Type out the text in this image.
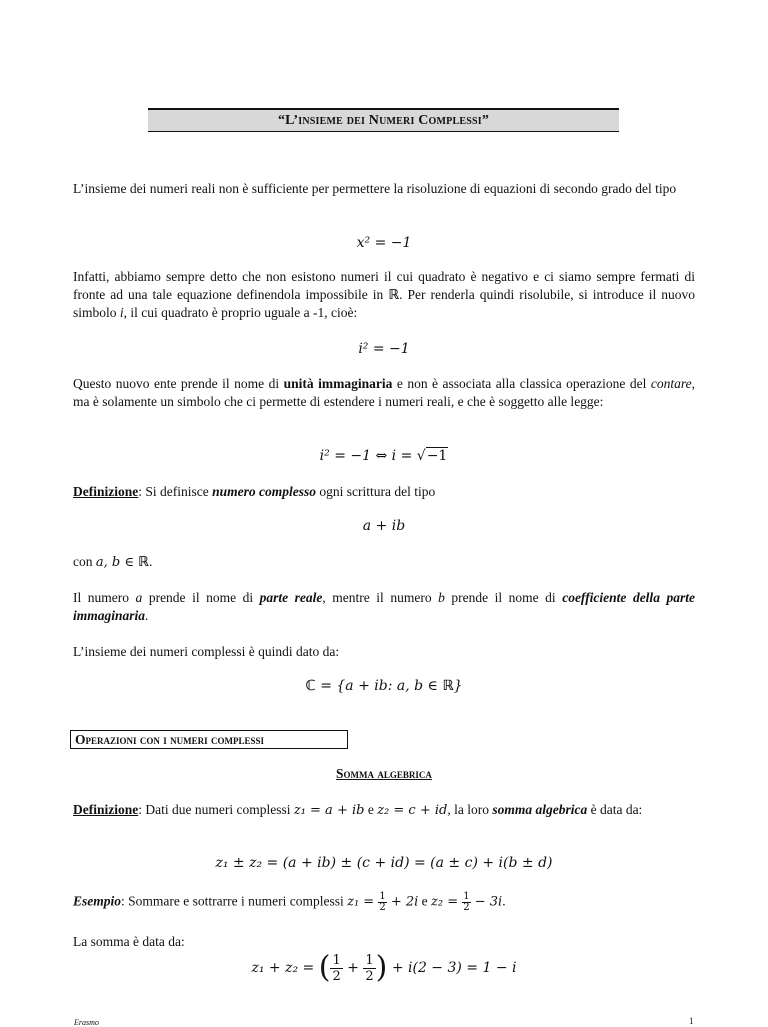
“L’insieme dei Numeri Complessi”
L’insieme dei numeri reali non è sufficiente per permettere la risoluzione di equazioni di secondo grado del tipo
x² = −1
Infatti, abbiamo sempre detto che non esistono numeri il cui quadrato è negativo e ci siamo sempre fermati di fronte ad una tale equazione definendola impossibile in ℝ. Per renderla quindi risolubile, si introduce il nuovo simbolo i, il cui quadrato è proprio uguale a -1, cioè:
i² = −1
Questo nuovo ente prende il nome di unità immaginaria e non è associata alla classica operazione del contare, ma è solamente un simbolo che ci permette di estendere i numeri reali, e che è soggetto alle legge:
i² = −1 ⇔ i = √−1
Definizione: Si definisce numero complesso ogni scrittura del tipo
a + ib
con a, b ∈ ℝ.
Il numero a prende il nome di parte reale, mentre il numero b prende il nome di coefficiente della parte immaginaria.
L’insieme dei numeri complessi è quindi dato da:
ℂ = {a + ib: a, b ∈ ℝ}
Operazioni con i numeri complessi
Somma algebrica
Definizione: Dati due numeri complessi z₁ = a + ib e z₂ = c + id, la loro somma algebrica è data da:
z₁ ± z₂ = (a + ib) ± (c + id) = (a ± c) + i(b ± d)
Esempio: Sommare e sottrarre i numeri complessi $z_1 = \frac{1}{2} + 2i$ e $z_2 = \frac{1}{2} - 3i$.
La somma è data da:
z₁ + z₂ = ( $\frac{1}{2} + \frac{1}{2}$ ) + i(2 − 3) = 1 − i
Erasmo	1
